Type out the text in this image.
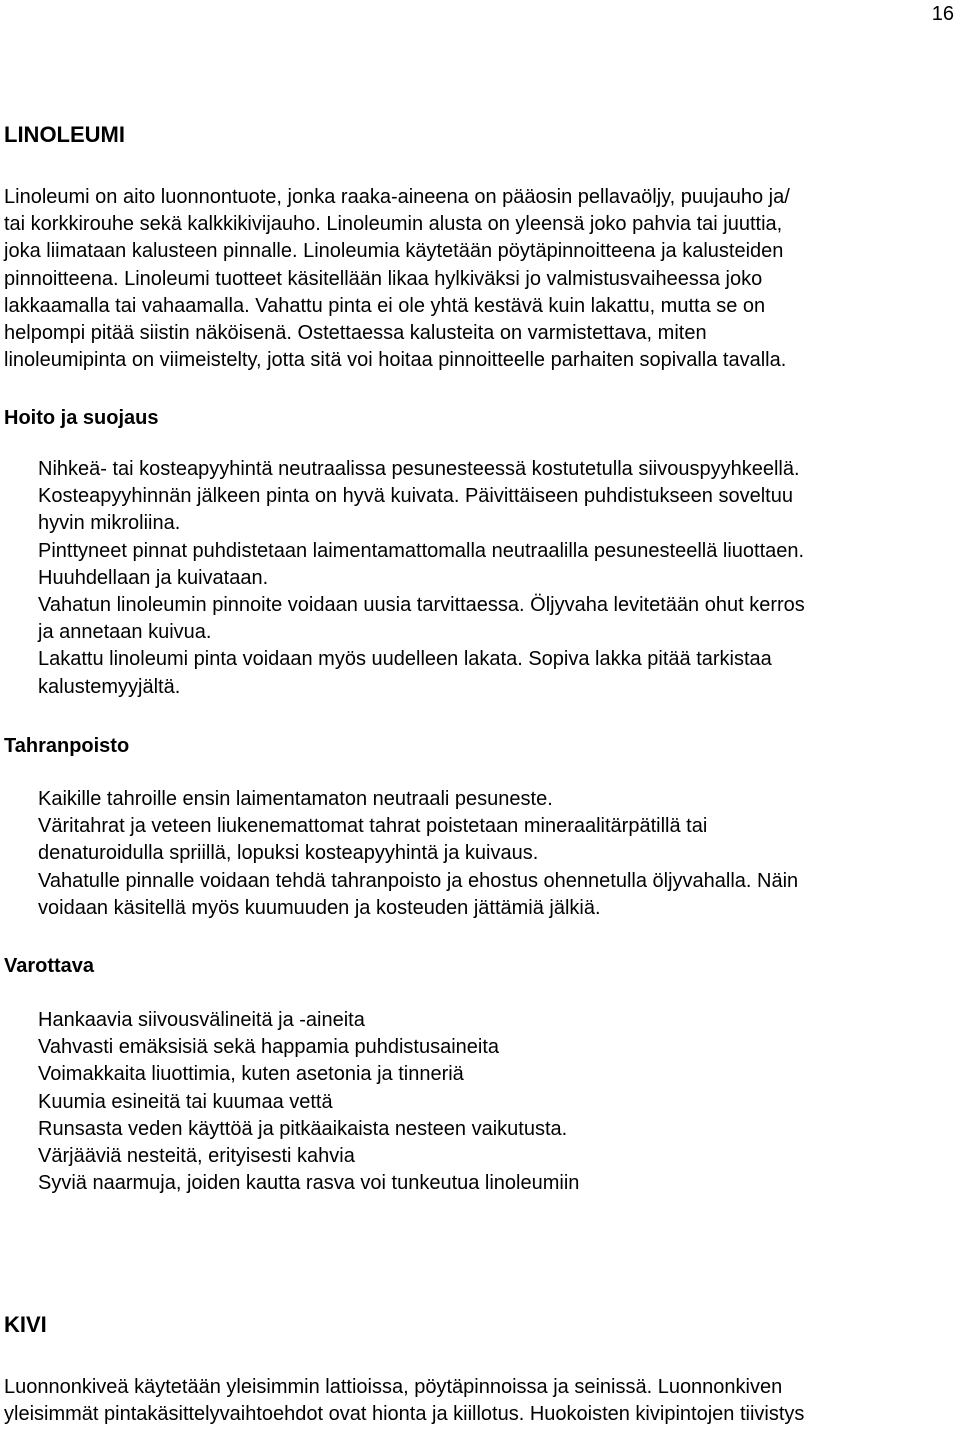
16
LINOLEUMI

Linoleumi on aito luonnontuote, jonka raaka-aineena on pääosin pellavaöljy, puujauho ja/
tai korkkirouhe sekä kalkkikivijauho. Linoleumin alusta on yleensä joko pahvia tai juuttia,
joka liimataan kalusteen pinnalle. Linoleumia käytetään pöytäpinnoitteena ja kalusteiden
pinnoitteena. Linoleumi tuotteet käsitellään likaa hylkiväksi jo valmistusvaiheessa joko
lakkaamalla tai vahaamalla. Vahattu pinta ei ole yhtä kestävä kuin lakattu, mutta se on
helpompi pitää siistin näköisenä. Ostettaessa kalusteita on varmistettava, miten
linoleumipinta on viimeistelty, jotta sitä voi hoitaa pinnoitteelle parhaiten sopivalla tavalla.

Hoito ja suojaus
Nihkeä- tai kosteapyyhintä neutraalissa pesunesteessä kostutetulla siivouspyyhkeellä.
Kosteapyyhinnän jälkeen pinta on hyvä kuivata. Päivittäiseen puhdistukseen soveltuu
hyvin mikroliina.
Pinttyneet pinnat puhdistetaan laimentamattomalla neutraalilla pesunesteellä liuottaen.
Huuhdellaan ja kuivataan.
Vahatun linoleumin pinnoite voidaan uusia tarvittaessa. Öljyvaha levitetään ohut kerros
ja annetaan kuivua.
Lakattu linoleumi pinta voidaan myös uudelleen lakata. Sopiva lakka pitää tarkistaa
kalustemyyjältä.
Tahranpoisto
Kaikille tahroille ensin laimentamaton neutraali pesuneste.
Väritahrat ja veteen liukenemattomat tahrat poistetaan mineraalitärpätillä tai
denaturoidulla spriillä, lopuksi kosteapyyhintä ja kuivaus.
Vahatulle pinnalle voidaan tehdä tahranpoisto ja ehostus ohennetulla öljyvahalla. Näin
voidaan käsitellä myös kuumuuden ja kosteuden jättämiä jälkiä.
Varottava
Hankaavia siivousvälineitä ja -aineita
Vahvasti emäksisiä sekä happamia puhdistusaineita
Voimakkaita liuottimia, kuten asetonia ja tinneriä
Kuumia esineitä tai kuumaa vettä
Runsasta veden käyttöä ja pitkäaikaista nesteen vaikutusta.
Värjääviä nesteitä, erityisesti kahvia
Syviä naarmuja, joiden kautta rasva voi tunkeutua linoleumiin
KIVI

Luonnonkiveä käytetään yleisimmin lattioissa, pöytäpinnoissa ja seinissä. Luonnonkiven
yleisimmät pintakäsittelyvaihtoehdot ovat hionta ja kiillotus. Huokoisten kivipintojen tiivistys
